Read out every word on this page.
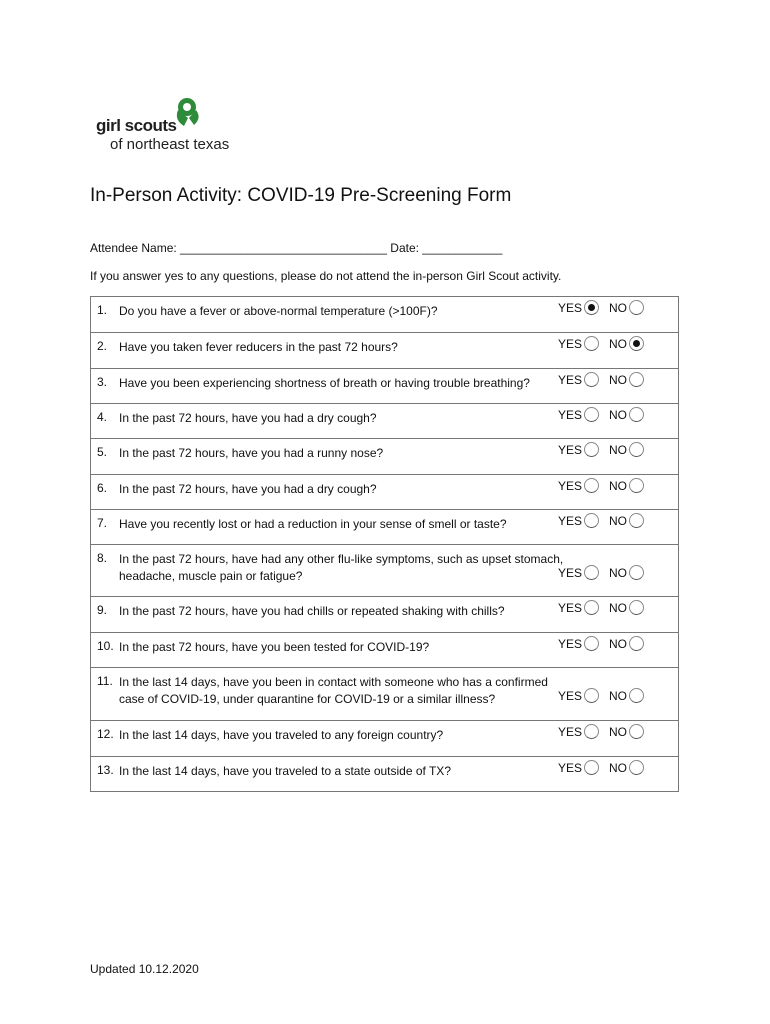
girl scouts
of northeast texas
In-Person Activity: COVID-19 Pre-Screening Form
Attendee Name: _______________________________ Date: ____________
If you answer yes to any questions, please do not attend the in-person Girl Scout activity.
1. Do you have a fever or above-normal temperature (>100F)?	YES NO
2. Have you taken fever reducers in the past 72 hours?	YES NO
3. Have you been experiencing shortness of breath or having trouble breathing?	YES NO
4. In the past 72 hours, have you had a dry cough?	YES NO
5. In the past 72 hours, have you had a runny nose?	YES NO
6. In the past 72 hours, have you had a dry cough?	YES NO
7. Have you recently lost or had a reduction in your sense of smell or taste?	YES NO
8. In the past 72 hours, have had any other flu-like symptoms, such as upset stomach, headache, muscle pain or fatigue?	YES NO
9. In the past 72 hours, have you had chills or repeated shaking with chills?	YES NO
10. In the past 72 hours, have you been tested for COVID-19?	YES NO
11. In the last 14 days, have you been in contact with someone who has a confirmed case of COVID-19, under quarantine for COVID-19 or a similar illness?	YES NO
12. In the last 14 days, have you traveled to any foreign country?	YES NO
13. In the last 14 days, have you traveled to a state outside of TX?	YES NO
Updated 10.12.2020
